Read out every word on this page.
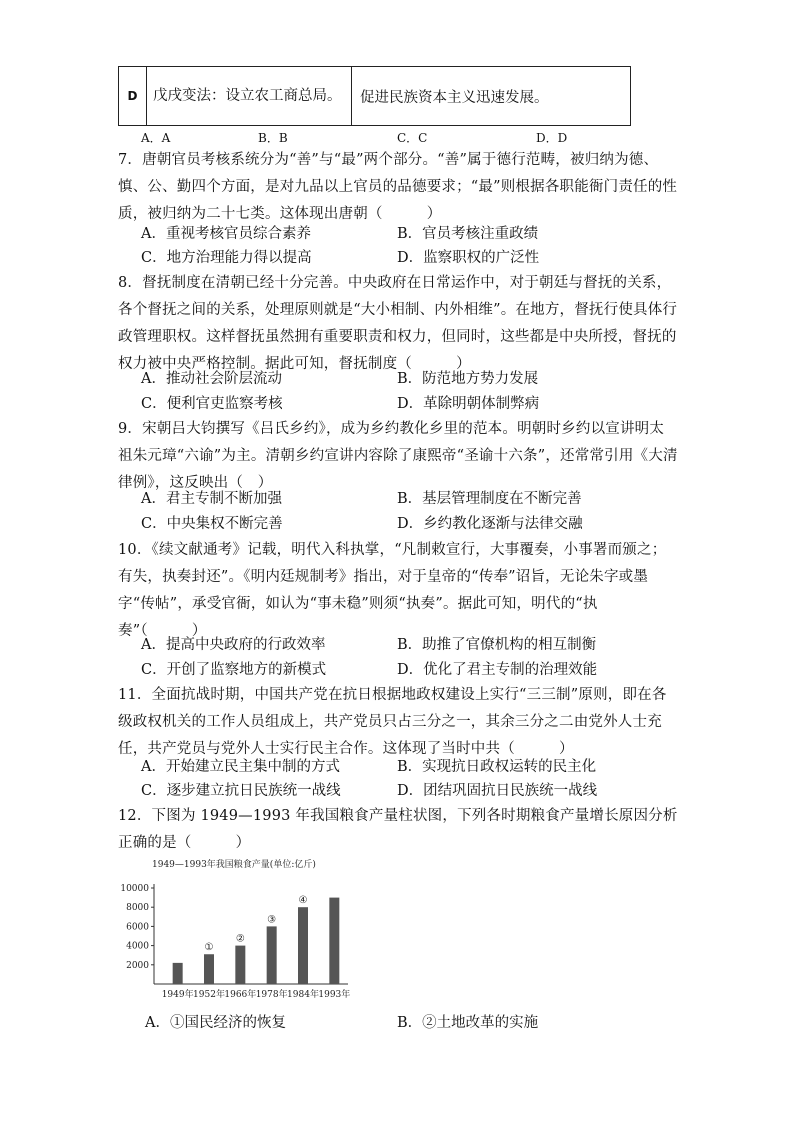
D	戊戌变法：设立农工商总局。	促进民族资本主义迅速发展。
A．A	B．B	C．C	D．D
7．唐朝官员考核系统分为“善”与“最”两个部分。“善”属于德行范畴，被归纳为德、慎、公、勤四个方面，是对九品以上官员的品德要求；“最”则根据各职能衙门责任的性质，被归纳为二十七类。这体现出唐朝（　　　）
A．重视考核官员综合素养	B．官员考核注重政绩
C．地方治理能力得以提高	D．监察职权的广泛性
8．督抚制度在清朝已经十分完善。中央政府在日常运作中，对于朝廷与督抚的关系，各个督抚之间的关系，处理原则就是“大小相制、内外相维”。在地方，督抚行使具体行政管理职权。这样督抚虽然拥有重要职责和权力，但同时，这些都是中央所授，督抚的权力被中央严格控制。据此可知，督抚制度（　　　）
A．推动社会阶层流动	B．防范地方势力发展
C．便利官吏监察考核	D．革除明朝体制弊病
9．宋朝吕大钧撰写《吕氏乡约》，成为乡约教化乡里的范本。明朝时乡约以宣讲明太祖朱元璋“六谕”为主。清朝乡约宣讲内容除了康熙帝“圣谕十六条”，还常常引用《大清律例》，这反映出（　）
A．君主专制不断加强	B．基层管理制度在不断完善
C．中央集权不断完善	D．乡约教化逐渐与法律交融
10．《续文献通考》记载，明代入科执掌，“凡制敕宣行，大事覆奏，小事署而颁之；有失，执奏封还”。《明内廷规制考》指出，对于皇帝的“传奉”诏旨，无论朱字或墨字“传帖”，承受官衙，如认为“事未稳”则须“执奏”。据此可知，明代的“执奏”（　　　）
A．提高中央政府的行政效率	B．助推了官僚机构的相互制衡
C．开创了监察地方的新模式	D．优化了君主专制的治理效能
11．全面抗战时期，中国共产党在抗日根据地政权建设上实行“三三制”原则，即在各级政权机关的工作人员组成上，共产党员只占三分之一，其余三分之二由党外人士充任，共产党员与党外人士实行民主合作。这体现了当时中共（　　　）
A．开始建立民主集中制的方式	B．实现抗日政权运转的民主化
C．逐步建立抗日民族统一战线	D．团结巩固抗日民族统一战线
12．下图为 1949—1993 年我国粮食产量柱状图，下列各时期粮食产量增长原因分析正确的是（　　　）
1949—1993年我国粮食产量(单位:亿斤)
2000
4000
6000
8000
10000
1949年 1952年
①
1966年
②
1978年
③
1984年
④
1993年
A．①国民经济的恢复	B．②土地改革的实施
